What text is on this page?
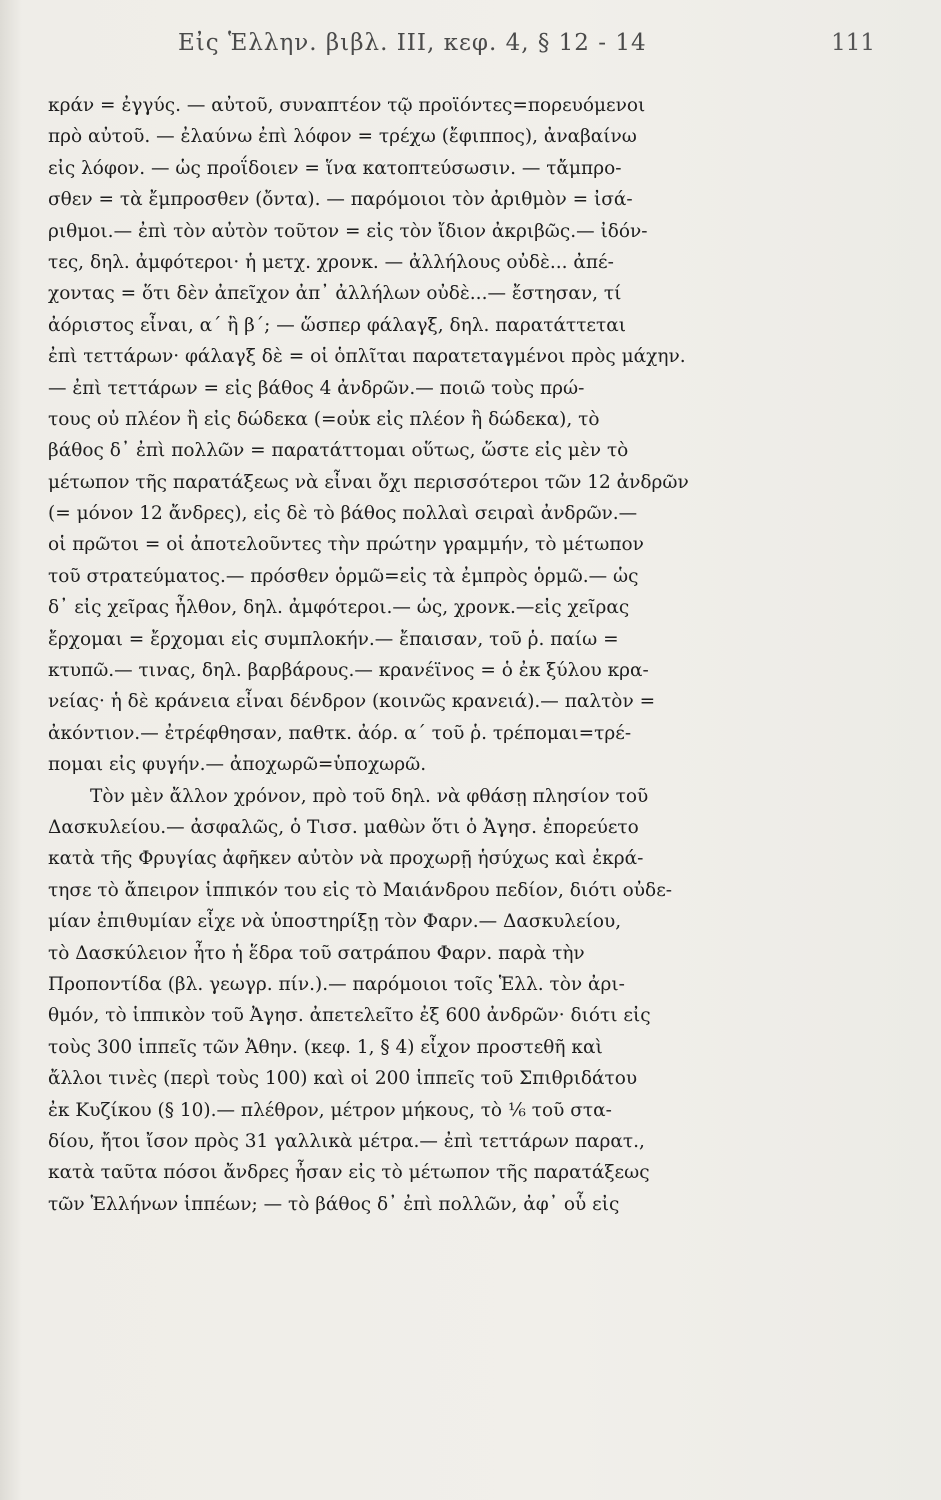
Εἰς Ἑλλην. βιβλ. ΙΙΙ, κεφ. 4, § 12 - 14	111
κράν = ἐγγύς. — αὐτοῦ, συναπτέον τῷ προϊόντες=πορευόμενοι
πρὸ αὐτοῦ. — ἐλαύνω ἐπὶ λόφον = τρέχω (ἔφιππος), ἀναβαίνω
εἰς λόφον. — ὡς προΐδοιεν = ἵνα κατοπτεύσωσιν. — τἄμπρο-
σθεν = τὰ ἔμπροσθεν (ὄντα). — παρόμοιοι τὸν ἀριθμὸν = ἰσά-
ριθμοι.— ἐπὶ τὸν αὐτὸν τοῦτον = εἰς τὸν ἴδιον ἀκριβῶς.— ἰδόν-
τες, δηλ. ἀμφότεροι· ἡ μετχ. χρονκ. — ἀλλήλους οὐδὲ... ἀπέ-
χοντας = ὅτι δὲν ἀπεῖχον ἀπ᾿ ἀλλήλων οὐδὲ...— ἔστησαν, τί
ἀόριστος εἶναι, α΄ ἢ β΄; — ὥσπερ φάλαγξ, δηλ. παρατάττεται
ἐπὶ τεττάρων· φάλαγξ δὲ = οἱ ὁπλῖται παρατεταγμένοι πρὸς μάχην.
— ἐπὶ τεττάρων = εἰς βάθος 4 ἀνδρῶν.— ποιῶ τοὺς πρώ-
τους οὐ πλέον ἢ εἰς δώδεκα (=οὐκ εἰς πλέον ἢ δώδεκα), τὸ
βάθος δ᾿ ἐπὶ πολλῶν = παρατάττομαι οὕτως, ὥστε εἰς μὲν τὸ
μέτωπον τῆς παρατάξεως νὰ εἶναι ὄχι περισσότεροι τῶν 12 ἀνδρῶν
(= μόνον 12 ἄνδρες), εἰς δὲ τὸ βάθος πολλαὶ σειραὶ ἀνδρῶν.—
οἱ πρῶτοι = οἱ ἀποτελοῦντες τὴν πρώτην γραμμήν, τὸ μέτωπον
τοῦ στρατεύματος.— πρόσθεν ὁρμῶ=εἰς τὰ ἐμπρὸς ὁρμῶ.— ὡς
δ᾿ εἰς χεῖρας ἦλθον, δηλ. ἀμφότεροι.— ὡς, χρονκ.—εἰς χεῖρας
ἔρχομαι = ἔρχομαι εἰς συμπλοκήν.— ἔπαισαν, τοῦ ῥ. παίω =
κτυπῶ.— τινας, δηλ. βαρβάρους.— κρανέϊνος = ὁ ἐκ ξύλου κρα-
νείας· ἡ δὲ κράνεια εἶναι δένδρον (κοινῶς κρανειά).— παλτὸν =
ἀκόντιον.— ἐτρέφθησαν, παθτκ. ἀόρ. α΄ τοῦ ῥ. τρέπομαι=τρέ-
πομαι εἰς φυγήν.— ἀποχωρῶ=ὑποχωρῶ.
Τὸν μὲν ἄλλον χρόνον, πρὸ τοῦ δηλ. νὰ φθάσῃ πλησίον τοῦ
Δασκυλείου.— ἀσφαλῶς, ὁ Τισσ. μαθὼν ὅτι ὁ Ἀγησ. ἐπορεύετο
κατὰ τῆς Φρυγίας ἀφῆκεν αὐτὸν νὰ προχωρῇ ἡσύχως καὶ ἐκρά-
τησε τὸ ἄπειρον ἱππικόν του εἰς τὸ Μαιάνδρου πεδίον, διότι οὐδε-
μίαν ἐπιθυμίαν εἶχε νὰ ὑποστηρίξῃ τὸν Φαρν.— Δασκυλείου,
τὸ Δασκύλειον ἦτο ἡ ἕδρα τοῦ σατράπου Φαρν. παρὰ τὴν
Προποντίδα (βλ. γεωγρ. πίν.).— παρόμοιοι τοῖς Ἑλλ. τὸν ἀρι-
θμόν, τὸ ἱππικὸν τοῦ Ἀγησ. ἀπετελεῖτο ἐξ 600 ἀνδρῶν· διότι εἰς
τοὺς 300 ἱππεῖς τῶν Ἀθην. (κεφ. 1, § 4) εἶχον προστεθῆ καὶ
ἄλλοι τινὲς (περὶ τοὺς 100) καὶ οἱ 200 ἱππεῖς τοῦ Σπιθριδάτου
ἐκ Κυζίκου (§ 10).— πλέθρον, μέτρον μήκους, τὸ ⅙ τοῦ στα-
δίου, ἤτοι ἴσον πρὸς 31 γαλλικὰ μέτρα.— ἐπὶ τεττάρων παρατ.,
κατὰ ταῦτα πόσοι ἄνδρες ἦσαν εἰς τὸ μέτωπον τῆς παρατάξεως
τῶν Ἑλλήνων ἱππέων; — τὸ βάθος δ᾿ ἐπὶ πολλῶν, ἀφ᾿ οὗ εἰς
